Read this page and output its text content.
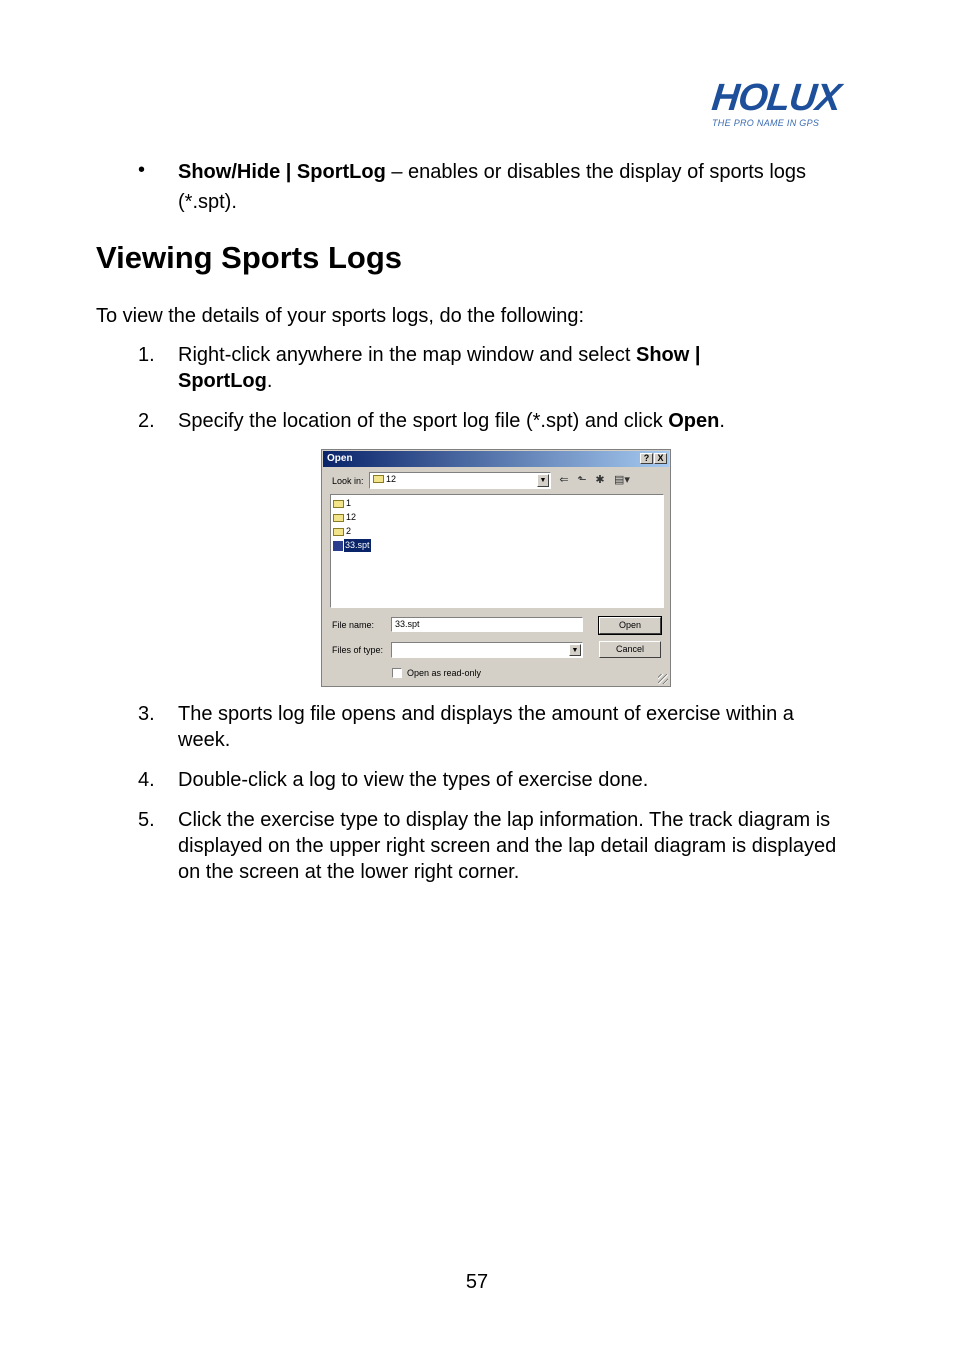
HOLUX
THE PRO NAME IN GPS
• Show/Hide | SportLog – enables or disables the display of sports logs (*.spt).
Viewing Sports Logs
To view the details of your sports logs, do the following:
1. Right-click anywhere in the map window and select Show | SportLog.
2. Specify the location of the sport log file (*.spt) and click Open.
Open	? X
Look in: 12	▼	⇐ ⬑ ✱ ▤▾
1
12
2
33.spt
File name: 33.spt	Open
Files of type:	▼	Cancel
Open as read-only
3. The sports log file opens and displays the amount of exercise within a week.
4. Double-click a log to view the types of exercise done.
5. Click the exercise type to display the lap information. The track diagram is displayed on the upper right screen and the lap detail diagram is displayed on the screen at the lower right corner.
57
